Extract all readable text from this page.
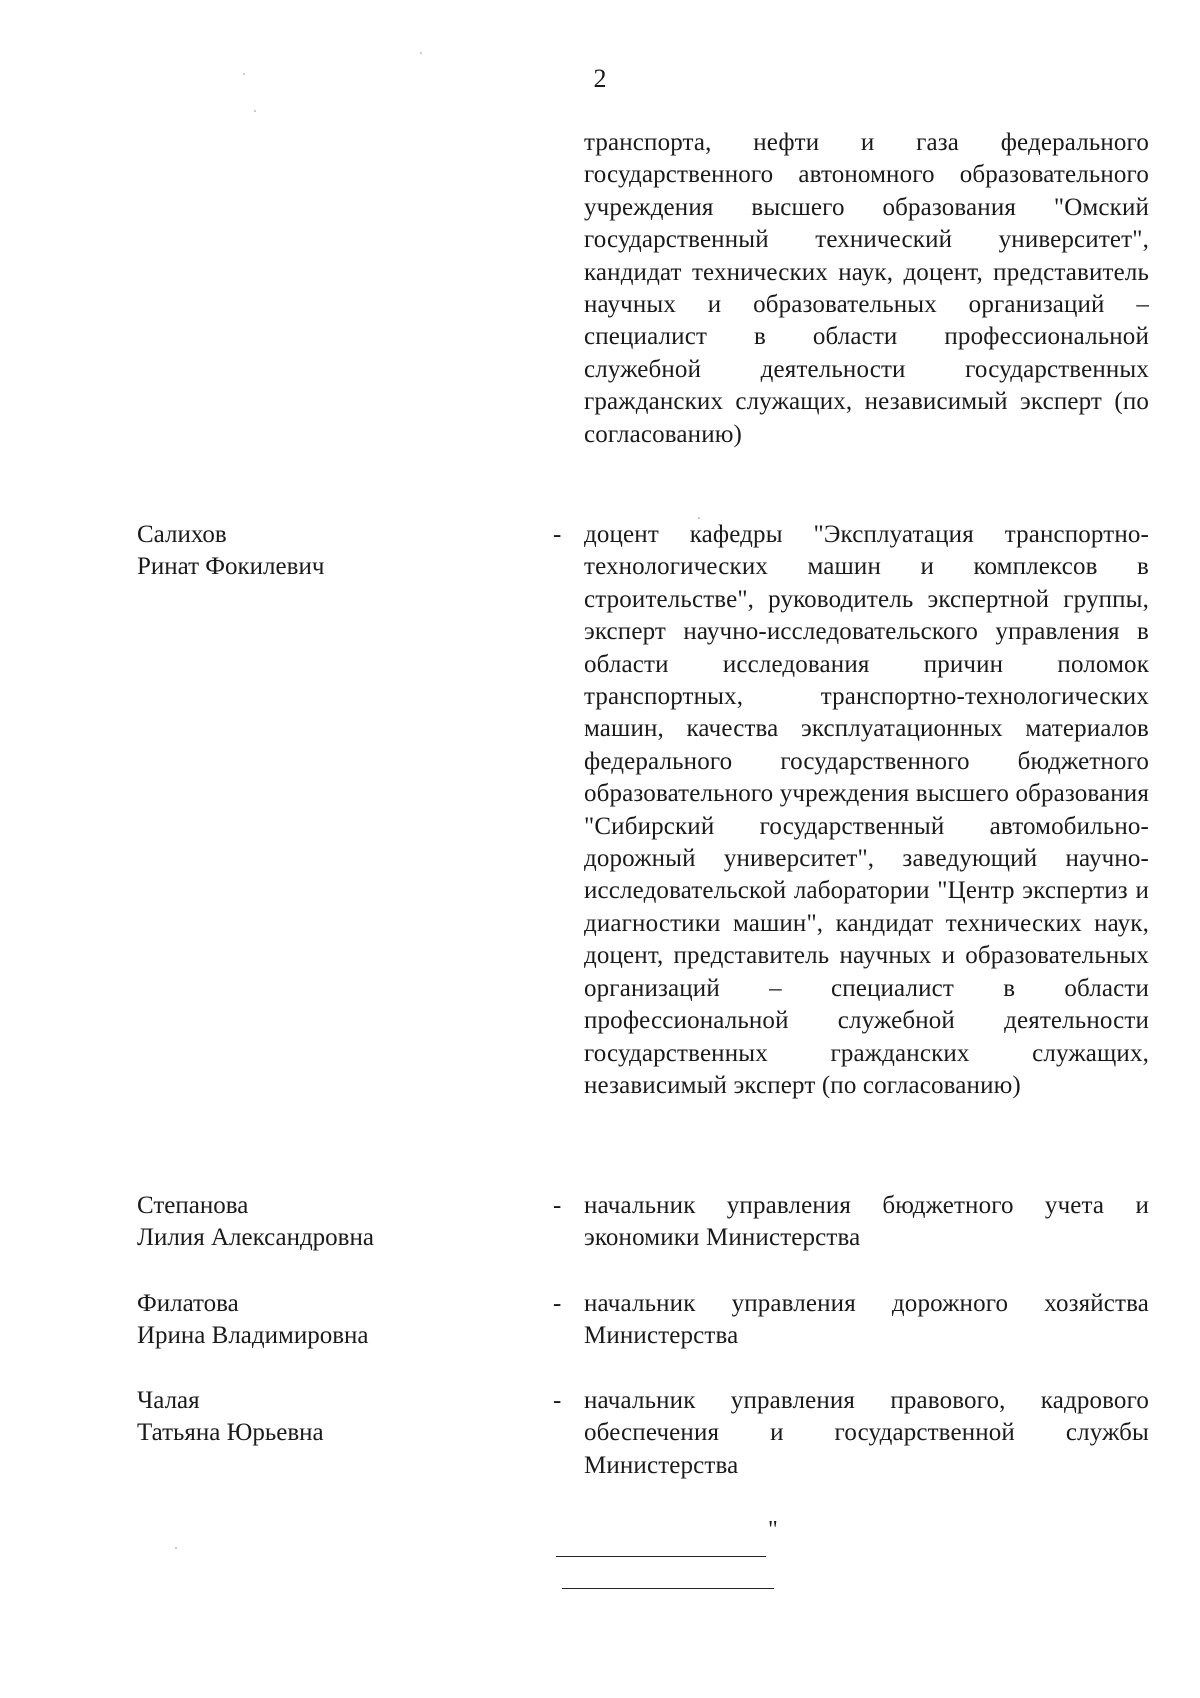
2
транспорта, нефти и газа федерального государственного автономного образовательного учреждения высшего образования "Омский государственный технический университет", кандидат технических наук, доцент, представитель научных и образовательных организаций – специалист в области профессиональной служебной деятельности государственных гражданских служащих, независимый эксперт (по согласованию)
Салихов
Ринат Фокилевич
- доцент кафедры "Эксплуатация транспортно-технологических машин и комплексов в строительстве", руководитель экспертной группы, эксперт научно-исследовательского управления в области исследования причин поломок транспортных, транспортно-технологических машин, качества эксплуатационных материалов федерального государственного бюджетного образовательного учреждения высшего образования "Сибирский государственный автомобильно-дорожный университет", заведующий научно-исследовательской лаборатории "Центр экспертиз и диагностики машин", кандидат технических наук, доцент, представитель научных и образовательных организаций – специалист в области профессиональной служебной деятельности государственных гражданских служащих, независимый эксперт (по согласованию)
Степанова
Лилия Александровна
- начальник управления бюджетного учета и экономики Министерства
Филатова
Ирина Владимировна
- начальник управления дорожного хозяйства Министерства
Чалая
Татьяна Юрьевна
- начальник управления правового, кадрового обеспечения и государственной службы Министерства
"
